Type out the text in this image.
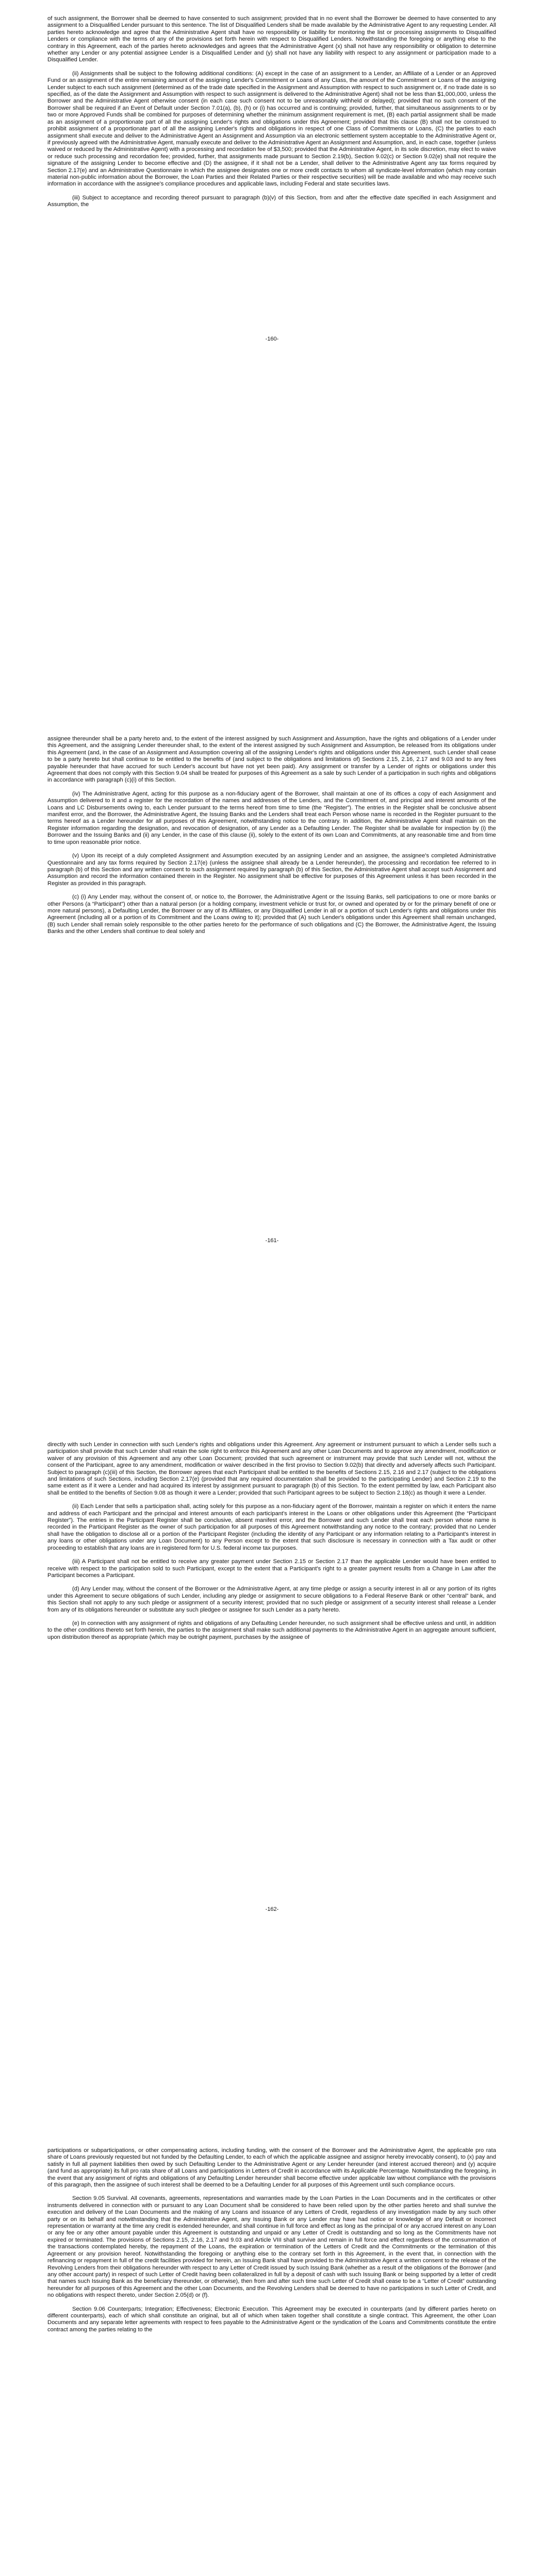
of such assignment, the Borrower shall be deemed to have consented to such assignment; provided that in no event shall the Borrower be deemed to have consented to any assignment to a Disqualified Lender pursuant to this sentence. The list of Disqualified Lenders shall be made available by the Administrative Agent to any requesting Lender. All parties hereto acknowledge and agree that the Administrative Agent shall have no responsibility or liability for monitoring the list or processing assignments to Disqualified Lenders or compliance with the terms of any of the provisions set forth herein with respect to Disqualified Lenders. Notwithstanding the foregoing or anything else to the contrary in this Agreement, each of the parties hereto acknowledges and agrees that the Administrative Agent (x) shall not have any responsibility or obligation to determine whether any Lender or any potential assignee Lender is a Disqualified Lender and (y) shall not have any liability with respect to any assignment or participation made to a Disqualified Lender.

(ii) Assignments shall be subject to the following additional conditions: (A) except in the case of an assignment to a Lender, an Affiliate of a Lender or an Approved Fund or an assignment of the entire remaining amount of the assigning Lender's Commitment or Loans of any Class, the amount of the Commitment or Loans of the assigning Lender subject to each such assignment (determined as of the trade date specified in the Assignment and Assumption with respect to such assignment or, if no trade date is so specified, as of the date the Assignment and Assumption with respect to such assignment is delivered to the Administrative Agent) shall not be less than $1,000,000, unless the Borrower and the Administrative Agent otherwise consent (in each case such consent not to be unreasonably withheld or delayed); provided that no such consent of the Borrower shall be required if an Event of Default under Section 7.01(a), (b), (h) or (i) has occurred and is continuing; provided, further, that simultaneous assignments to or by two or more Approved Funds shall be combined for purposes of determining whether the minimum assignment requirement is met, (B) each partial assignment shall be made as an assignment of a proportionate part of all the assigning Lender's rights and obligations under this Agreement; provided that this clause (B) shall not be construed to prohibit assignment of a proportionate part of all the assigning Lender's rights and obligations in respect of one Class of Commitments or Loans, (C) the parties to each assignment shall execute and deliver to the Administrative Agent an Assignment and Assumption via an electronic settlement system acceptable to the Administrative Agent or, if previously agreed with the Administrative Agent, manually execute and deliver to the Administrative Agent an Assignment and Assumption, and, in each case, together (unless waived or reduced by the Administrative Agent) with a processing and recordation fee of $3,500; provided that the Administrative Agent, in its sole discretion, may elect to waive or reduce such processing and recordation fee; provided, further, that assignments made pursuant to Section 2.19(b), Section 9.02(c) or Section 9.02(e) shall not require the signature of the assigning Lender to become effective and (D) the assignee, if it shall not be a Lender, shall deliver to the Administrative Agent any tax forms required by Section 2.17(e) and an Administrative Questionnaire in which the assignee designates one or more credit contacts to whom all syndicate-level information (which may contain material non-public information about the Borrower, the Loan Parties and their Related Parties or their respective securities) will be made available and who may receive such information in accordance with the assignee's compliance procedures and applicable laws, including Federal and state securities laws.

(iii) Subject to acceptance and recording thereof pursuant to paragraph (b)(v) of this Section, from and after the effective date specified in each Assignment and Assumption, the

-160-

assignee thereunder shall be a party hereto and, to the extent of the interest assigned by such Assignment and Assumption, have the rights and obligations of a Lender under this Agreement, and the assigning Lender thereunder shall, to the extent of the interest assigned by such Assignment and Assumption, be released from its obligations under this Agreement (and, in the case of an Assignment and Assumption covering all of the assigning Lender's rights and obligations under this Agreement, such Lender shall cease to be a party hereto but shall continue to be entitled to the benefits of (and subject to the obligations and limitations of) Sections 2.15, 2.16, 2.17 and 9.03 and to any fees payable hereunder that have accrued for such Lender's account but have not yet been paid). Any assignment or transfer by a Lender of rights or obligations under this Agreement that does not comply with this Section 9.04 shall be treated for purposes of this Agreement as a sale by such Lender of a participation in such rights and obligations in accordance with paragraph (c)(i) of this Section.

(iv) The Administrative Agent, acting for this purpose as a non-fiduciary agent of the Borrower, shall maintain at one of its offices a copy of each Assignment and Assumption delivered to it and a register for the recordation of the names and addresses of the Lenders, and the Commitment of, and principal and interest amounts of the Loans and LC Disbursements owing to, each Lender pursuant to the terms hereof from time to time (the “Register”). The entries in the Register shall be conclusive absent manifest error, and the Borrower, the Administrative Agent, the Issuing Banks and the Lenders shall treat each Person whose name is recorded in the Register pursuant to the terms hereof as a Lender hereunder for all purposes of this Agreement, notwithstanding notice to the contrary. In addition, the Administrative Agent shall maintain on the Register information regarding the designation, and revocation of designation, of any Lender as a Defaulting Lender. The Register shall be available for inspection by (i) the Borrower and the Issuing Banks and (ii) any Lender, in the case of this clause (ii), solely to the extent of its own Loan and Commitments, at any reasonable time and from time to time upon reasonable prior notice.

(v) Upon its receipt of a duly completed Assignment and Assumption executed by an assigning Lender and an assignee, the assignee's completed Administrative Questionnaire and any tax forms required by Section 2.17(e) (unless the assignee shall already be a Lender hereunder), the processing and recordation fee referred to in paragraph (b) of this Section and any written consent to such assignment required by paragraph (b) of this Section, the Administrative Agent shall accept such Assignment and Assumption and record the information contained therein in the Register. No assignment shall be effective for purposes of this Agreement unless it has been recorded in the Register as provided in this paragraph.

(c) (i) Any Lender may, without the consent of, or notice to, the Borrower, the Administrative Agent or the Issuing Banks, sell participations to one or more banks or other Persons (a “Participant”) other than a natural person (or a holding company, investment vehicle or trust for, or owned and operated by or for the primary benefit of one or more natural persons), a Defaulting Lender, the Borrower or any of its Affiliates, or any Disqualified Lender in all or a portion of such Lender's rights and obligations under this Agreement (including all or a portion of its Commitment and the Loans owing to it); provided that (A) such Lender's obligations under this Agreement shall remain unchanged, (B) such Lender shall remain solely responsible to the other parties hereto for the performance of such obligations and (C) the Borrower, the Administrative Agent, the Issuing Banks and the other Lenders shall continue to deal solely and

-161-

directly with such Lender in connection with such Lender's rights and obligations under this Agreement. Any agreement or instrument pursuant to which a Lender sells such a participation shall provide that such Lender shall retain the sole right to enforce this Agreement and any other Loan Documents and to approve any amendment, modification or waiver of any provision of this Agreement and any other Loan Document; provided that such agreement or instrument may provide that such Lender will not, without the consent of the Participant, agree to any amendment, modification or waiver described in the first proviso to Section 9.02(b) that directly and adversely affects such Participant. Subject to paragraph (c)(iii) of this Section, the Borrower agrees that each Participant shall be entitled to the benefits of Sections 2.15, 2.16 and 2.17 (subject to the obligations and limitations of such Sections, including Section 2.17(e) (provided that any required documentation shall be provided to the participating Lender) and Section 2.19 to the same extent as if it were a Lender and had acquired its interest by assignment pursuant to paragraph (b) of this Section. To the extent permitted by law, each Participant also shall be entitled to the benefits of Section 9.08 as though it were a Lender; provided that such Participant agrees to be subject to Section 2.18(c) as though it were a Lender.

(ii) Each Lender that sells a participation shall, acting solely for this purpose as a non-fiduciary agent of the Borrower, maintain a register on which it enters the name and address of each Participant and the principal and interest amounts of each participant's interest in the Loans or other obligations under this Agreement (the “Participant Register”). The entries in the Participant Register shall be conclusive, absent manifest error, and the Borrower and such Lender shall treat each person whose name is recorded in the Participant Register as the owner of such participation for all purposes of this Agreement notwithstanding any notice to the contrary; provided that no Lender shall have the obligation to disclose all or a portion of the Participant Register (including the identity of any Participant or any information relating to a Participant's interest in any loans or other obligations under any Loan Document) to any Person except to the extent that such disclosure is necessary in connection with a Tax audit or other proceeding to establish that any loans are in registered form for U.S. federal income tax purposes.

(iii) A Participant shall not be entitled to receive any greater payment under Section 2.15 or Section 2.17 than the applicable Lender would have been entitled to receive with respect to the participation sold to such Participant, except to the extent that a Participant's right to a greater payment results from a Change in Law after the Participant becomes a Participant.

(d) Any Lender may, without the consent of the Borrower or the Administrative Agent, at any time pledge or assign a security interest in all or any portion of its rights under this Agreement to secure obligations of such Lender, including any pledge or assignment to secure obligations to a Federal Reserve Bank or other “central” bank, and this Section shall not apply to any such pledge or assignment of a security interest; provided that no such pledge or assignment of a security interest shall release a Lender from any of its obligations hereunder or substitute any such pledgee or assignee for such Lender as a party hereto.

(e) In connection with any assignment of rights and obligations of any Defaulting Lender hereunder, no such assignment shall be effective unless and until, in addition to the other conditions thereto set forth herein, the parties to the assignment shall make such additional payments to the Administrative Agent in an aggregate amount sufficient, upon distribution thereof as appropriate (which may be outright payment, purchases by the assignee of

-162-

participations or subparticipations, or other compensating actions, including funding, with the consent of the Borrower and the Administrative Agent, the applicable pro rata share of Loans previously requested but not funded by the Defaulting Lender, to each of which the applicable assignee and assignor hereby irrevocably consent), to (x) pay and satisfy in full all payment liabilities then owed by such Defaulting Lender to the Administrative Agent or any Lender hereunder (and interest accrued thereon) and (y) acquire (and fund as appropriate) its full pro rata share of all Loans and participations in Letters of Credit in accordance with its Applicable Percentage. Notwithstanding the foregoing, in the event that any assignment of rights and obligations of any Defaulting Lender hereunder shall become effective under applicable law without compliance with the provisions of this paragraph, then the assignee of such interest shall be deemed to be a Defaulting Lender for all purposes of this Agreement until such compliance occurs.

Section 9.05 Survival. All covenants, agreements, representations and warranties made by the Loan Parties in the Loan Documents and in the certificates or other instruments delivered in connection with or pursuant to any Loan Document shall be considered to have been relied upon by the other parties hereto and shall survive the execution and delivery of the Loan Documents and the making of any Loans and issuance of any Letters of Credit, regardless of any investigation made by any such other party or on its behalf and notwithstanding that the Administrative Agent, any Issuing Bank or any Lender may have had notice or knowledge of any Default or incorrect representation or warranty at the time any credit is extended hereunder, and shall continue in full force and effect as long as the principal of or any accrued interest on any Loan or any fee or any other amount payable under this Agreement is outstanding and unpaid or any Letter of Credit is outstanding and so long as the Commitments have not expired or terminated. The provisions of Sections 2.15, 2.16, 2.17 and 9.03 and Article VIII shall survive and remain in full force and effect regardless of the consummation of the transactions contemplated hereby, the repayment of the Loans, the expiration or termination of the Letters of Credit and the Commitments or the termination of this Agreement or any provision hereof. Notwithstanding the foregoing or anything else to the contrary set forth in this Agreement, in the event that, in connection with the refinancing or repayment in full of the credit facilities provided for herein, an Issuing Bank shall have provided to the Administrative Agent a written consent to the release of the Revolving Lenders from their obligations hereunder with respect to any Letter of Credit issued by such Issuing Bank (whether as a result of the obligations of the Borrower (and any other account party) in respect of such Letter of Credit having been collateralized in full by a deposit of cash with such Issuing Bank or being supported by a letter of credit that names such Issuing Bank as the beneficiary thereunder, or otherwise), then from and after such time such Letter of Credit shall cease to be a “Letter of Credit” outstanding hereunder for all purposes of this Agreement and the other Loan Documents, and the Revolving Lenders shall be deemed to have no participations in such Letter of Credit, and no obligations with respect thereto, under Section 2.05(d) or (f).

Section 9.06 Counterparts; Integration; Effectiveness; Electronic Execution. This Agreement may be executed in counterparts (and by different parties hereto on different counterparts), each of which shall constitute an original, but all of which when taken together shall constitute a single contract. This Agreement, the other Loan Documents and any separate letter agreements with respect to fees payable to the Administrative Agent or the syndication of the Loans and Commitments constitute the entire contract among the parties relating to the
